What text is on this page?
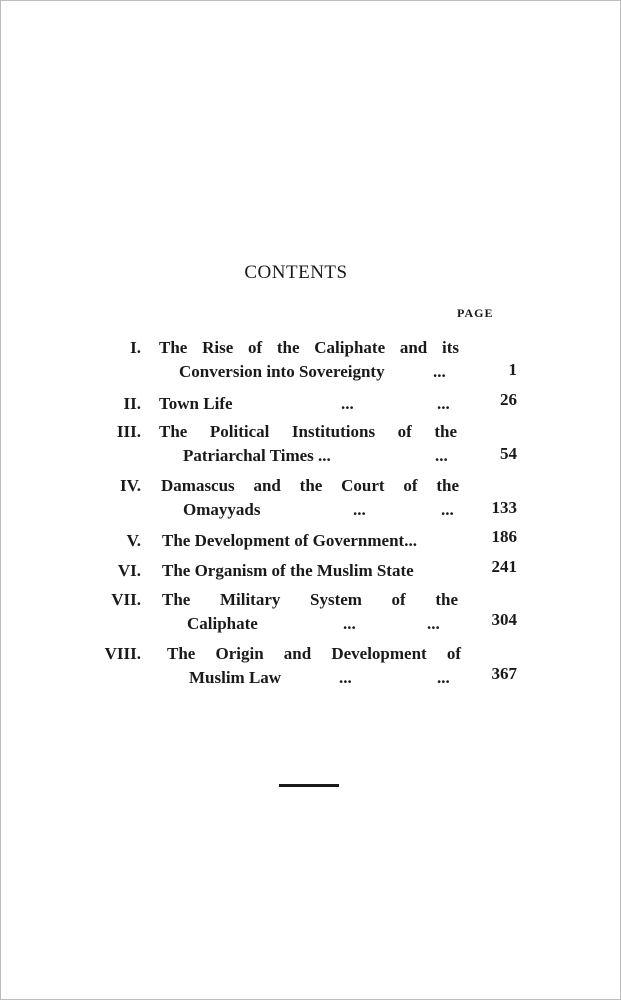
CONTENTS
PAGE
I. The Rise of the Caliphate and its
Conversion into Sovereignty	...	1
II. Town Life	...	...	26
III. The Political Institutions of the
Patriarchal Times ...	...	54
IV. Damascus and the Court of the
Omayyads	...	...	133
V. The Development of Government...	186
VI. The Organism of the Muslim State	241
VII. The Military System of the
Caliphate	...	...	304
VIII. The Origin and Development of
Muslim Law	...	...	367
